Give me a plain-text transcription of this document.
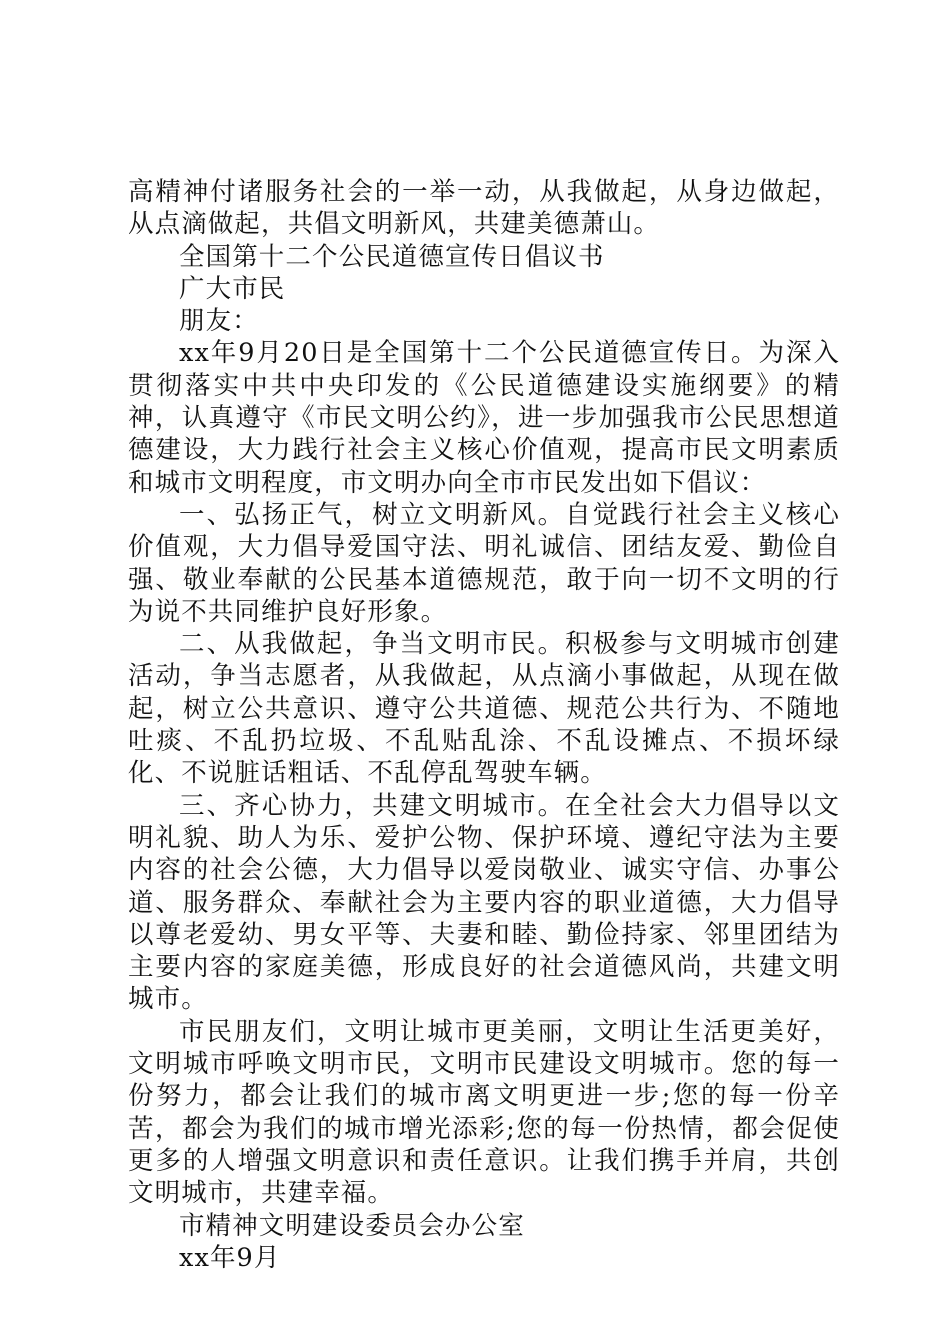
高精神付诸服务社会的一举一动，从我做起，从身边做起，从点滴做起，共倡文明新风，共建美德萧山。

全国第十二个公民道德宣传日倡议书

广大市民

朋友：

xx年9月20日是全国第十二个公民道德宣传日。为深入贯彻落实中共中央印发的《公民道德建设实施纲要》的精神，认真遵守《市民文明公约》，进一步加强我市公民思想道德建设，大力践行社会主义核心价值观，提高市民文明素质和城市文明程度，市文明办向全市市民发出如下倡议：

一、弘扬正气，树立文明新风。自觉践行社会主义核心价值观，大力倡导爱国守法、明礼诚信、团结友爱、勤俭自强、敬业奉献的公民基本道德规范，敢于向一切不文明的行为说不共同维护良好形象。

二、从我做起，争当文明市民。积极参与文明城市创建活动，争当志愿者，从我做起，从点滴小事做起，从现在做起，树立公共意识、遵守公共道德、规范公共行为、不随地吐痰、不乱扔垃圾、不乱贴乱涂、不乱设摊点、不损坏绿化、不说脏话粗话、不乱停乱驾驶车辆。

三、齐心协力，共建文明城市。在全社会大力倡导以文明礼貌、助人为乐、爱护公物、保护环境、遵纪守法为主要内容的社会公德，大力倡导以爱岗敬业、诚实守信、办事公道、服务群众、奉献社会为主要内容的职业道德，大力倡导以尊老爱幼、男女平等、夫妻和睦、勤俭持家、邻里团结为主要内容的家庭美德，形成良好的社会道德风尚，共建文明城市。

市民朋友们，文明让城市更美丽，文明让生活更美好，文明城市呼唤文明市民，文明市民建设文明城市。您的每一份努力，都会让我们的城市离文明更进一步;您的每一份辛苦，都会为我们的城市增光添彩;您的每一份热情，都会促使更多的人增强文明意识和责任意识。让我们携手并肩，共创文明城市，共建幸福。

市精神文明建设委员会办公室

xx年9月
